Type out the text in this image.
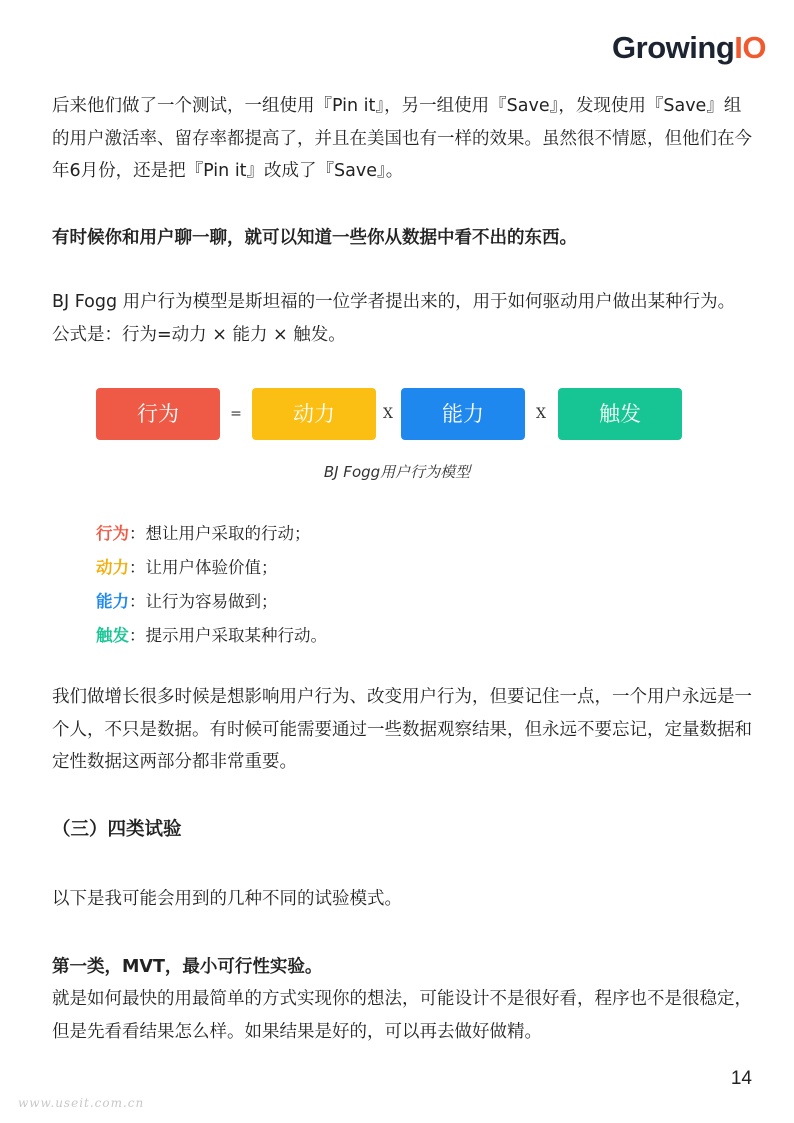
GrowingIO

后来他们做了一个测试，一组使用『Pin it』，另一组使用『Save』，发现使用『Save』组的用户激活率、留存率都提高了，并且在美国也有一样的效果。虽然很不情愿，但他们在今年6月份，还是把『Pin it』改成了『Save』。

有时候你和用户聊一聊，就可以知道一些你从数据中看不出的东西。

BJ Fogg 用户行为模型是斯坦福的一位学者提出来的，用于如何驱动用户做出某种行为。公式是：行为=动力 × 能力 × 触发。

行为	=	动力	X	能力	X	触发
BJ Fogg用户行为模型
行为：想让用户采取的行动；
动力：让用户体验价值；
能力：让行为容易做到；
触发：提示用户采取某种行动。

我们做增长很多时候是想影响用户行为、改变用户行为，但要记住一点，一个用户永远是一个人，不只是数据。有时候可能需要通过一些数据观察结果，但永远不要忘记，定量数据和定性数据这两部分都非常重要。

（三）四类试验

以下是我可能会用到的几种不同的试验模式。

第一类，MVT，最小可行性实验。

就是如何最快的用最简单的方式实现你的想法，可能设计不是很好看，程序也不是很稳定，但是先看看结果怎么样。如果结果是好的，可以再去做好做精。

14
www.useit.com.cn
